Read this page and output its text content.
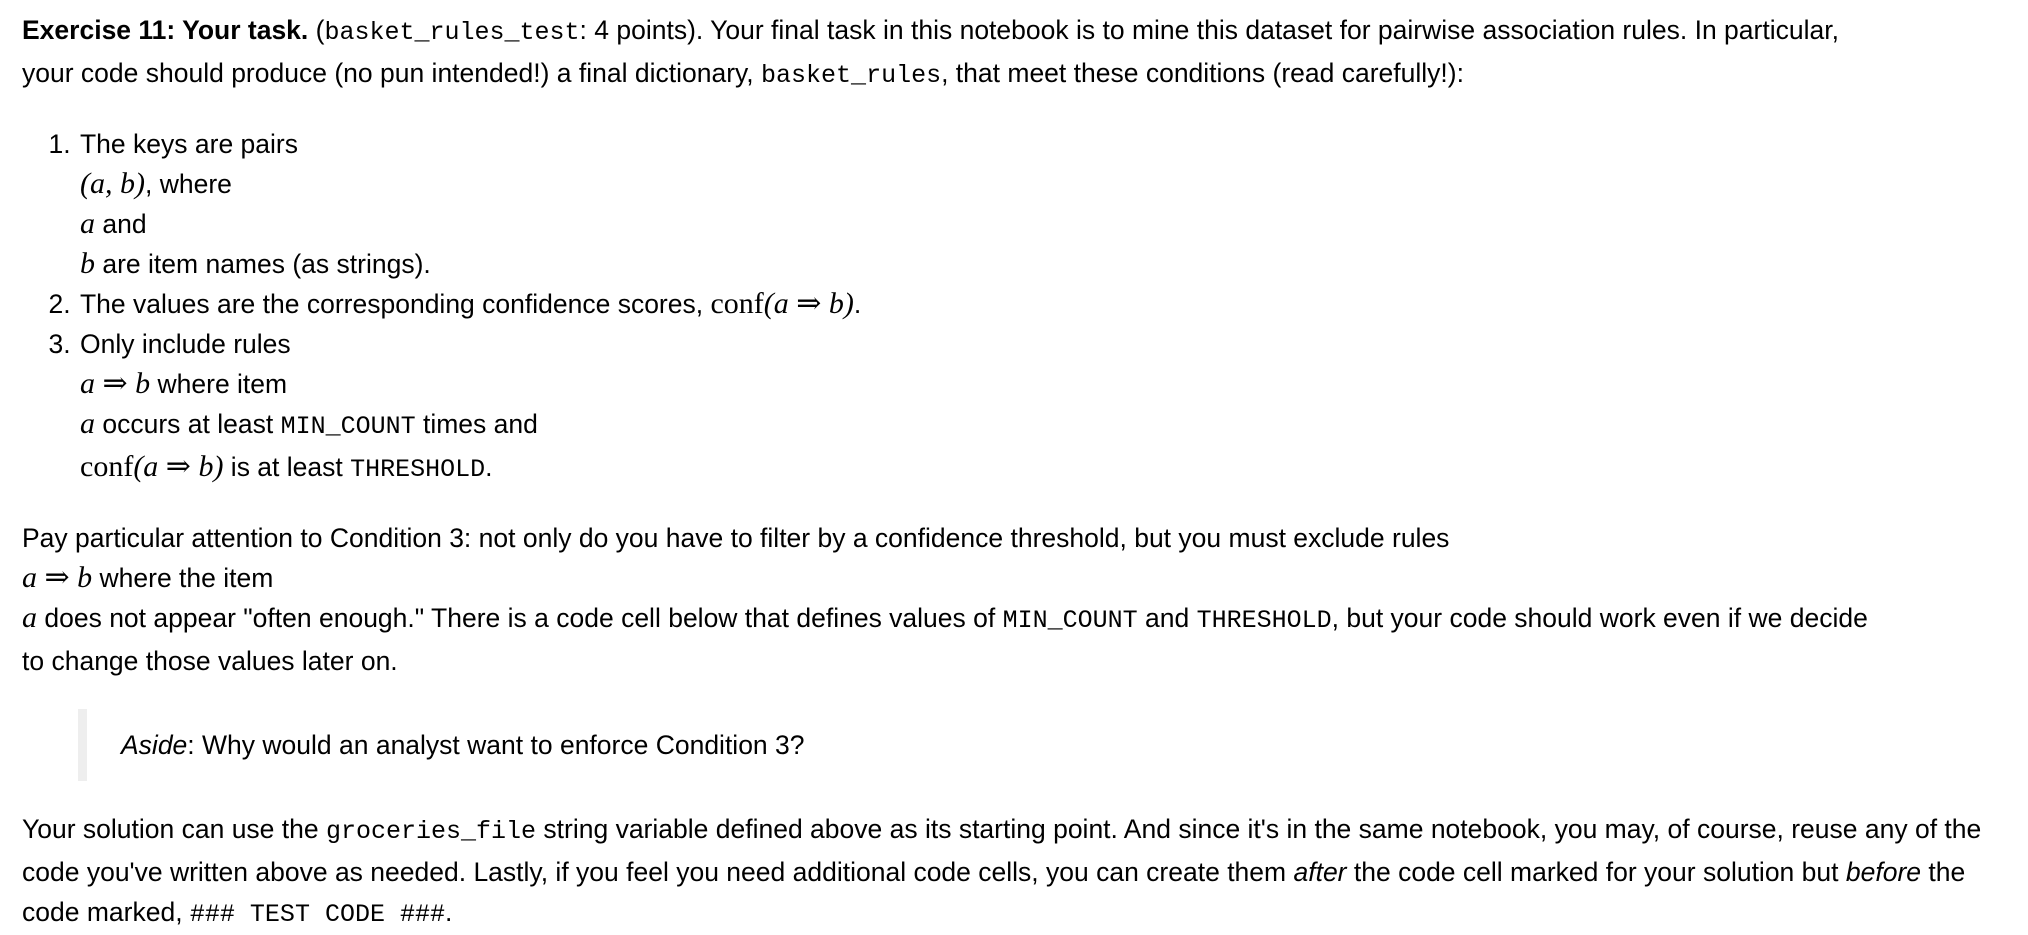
Exercise 11: Your task. (basket_rules_test: 4 points). Your final task in this notebook is to mine this dataset for pairwise association rules. In particular,
your code should produce (no pun intended!) a final dictionary, basket_rules, that meet these conditions (read carefully!):

1. The keys are pairs
(a, b), where
a and
b are item names (as strings).
2. The values are the corresponding confidence scores, conf(a ⇒ b).
3. Only include rules
a ⇒ b where item
a occurs at least MIN_COUNT times and
conf(a ⇒ b) is at least THRESHOLD.

Pay particular attention to Condition 3: not only do you have to filter by a confidence threshold, but you must exclude rules
a ⇒ b where the item
a does not appear "often enough." There is a code cell below that defines values of MIN_COUNT and THRESHOLD, but your code should work even if we decide
to change those values later on.

Aside: Why would an analyst want to enforce Condition 3?

Your solution can use the groceries_file string variable defined above as its starting point. And since it's in the same notebook, you may, of course, reuse any of the code you've written above as needed. Lastly, if you feel you need additional code cells, you can create them after the code cell marked for your solution but before the code marked, ### TEST CODE ###.
